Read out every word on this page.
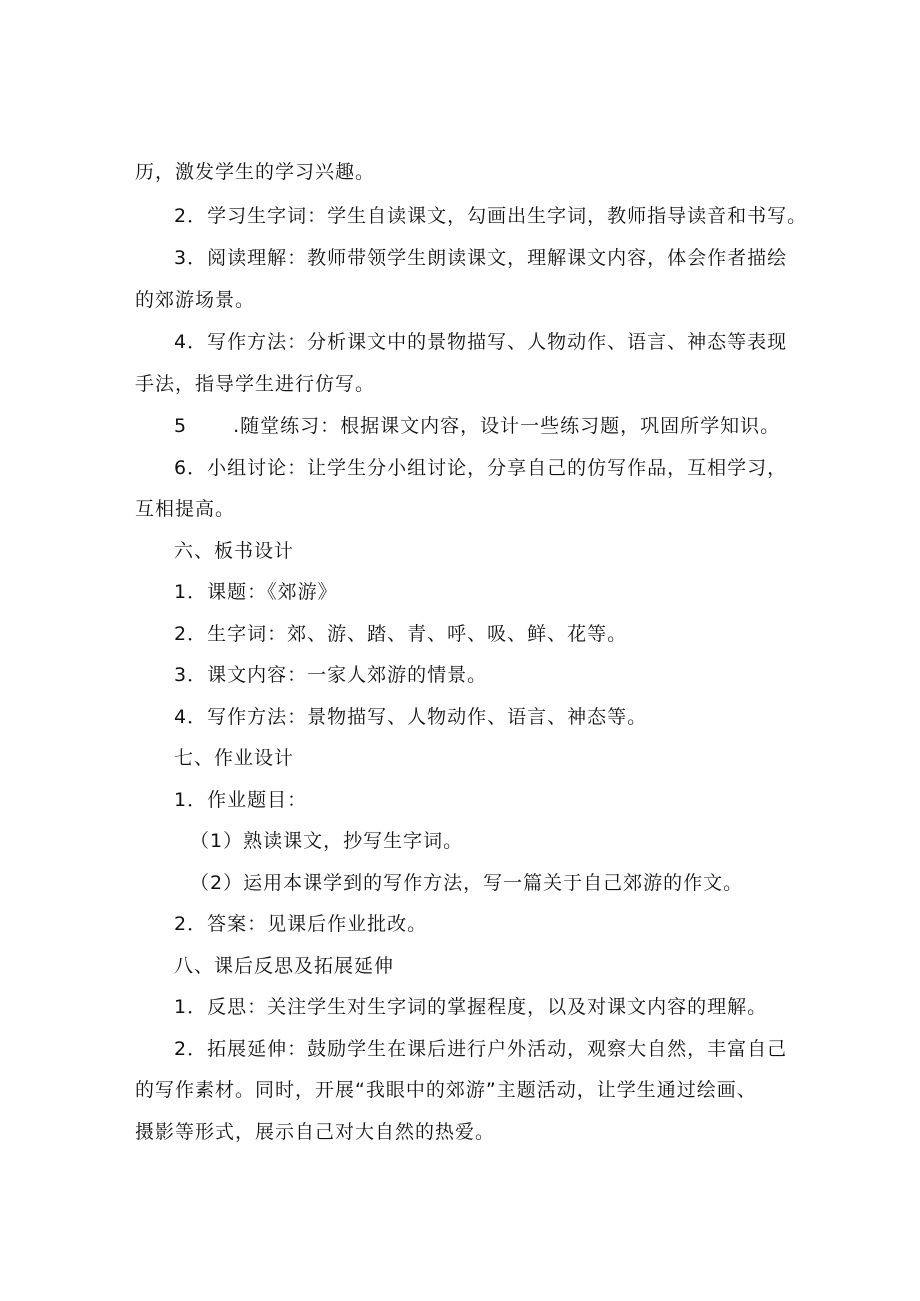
历，激发学生的学习兴趣。
2．学习生字词：学生自读课文，勾画出生字词，教师指导读音和书写。
3．阅读理解：教师带领学生朗读课文，理解课文内容，体会作者描绘
的郊游场景。
4．写作方法：分析课文中的景物描写、人物动作、语言、神态等表现
手法，指导学生进行仿写。
5 .随堂练习：根据课文内容，设计一些练习题，巩固所学知识。
6．小组讨论：让学生分小组讨论，分享自己的仿写作品，互相学习，
互相提高。
六、板书设计
1．课题：《郊游》
2．生字词：郊、游、踏、青、呼、吸、鲜、花等。
3．课文内容：一家人郊游的情景。
4．写作方法：景物描写、人物动作、语言、神态等。
七、作业设计
1．作业题目：
（1）熟读课文，抄写生字词。
（2）运用本课学到的写作方法，写一篇关于自己郊游的作文。
2．答案：见课后作业批改。
八、课后反思及拓展延伸
1．反思：关注学生对生字词的掌握程度，以及对课文内容的理解。
2．拓展延伸：鼓励学生在课后进行户外活动，观察大自然，丰富自己
的写作素材。同时，开展“我眼中的郊游”主题活动，让学生通过绘画、
摄影等形式，展示自己对大自然的热爱。
